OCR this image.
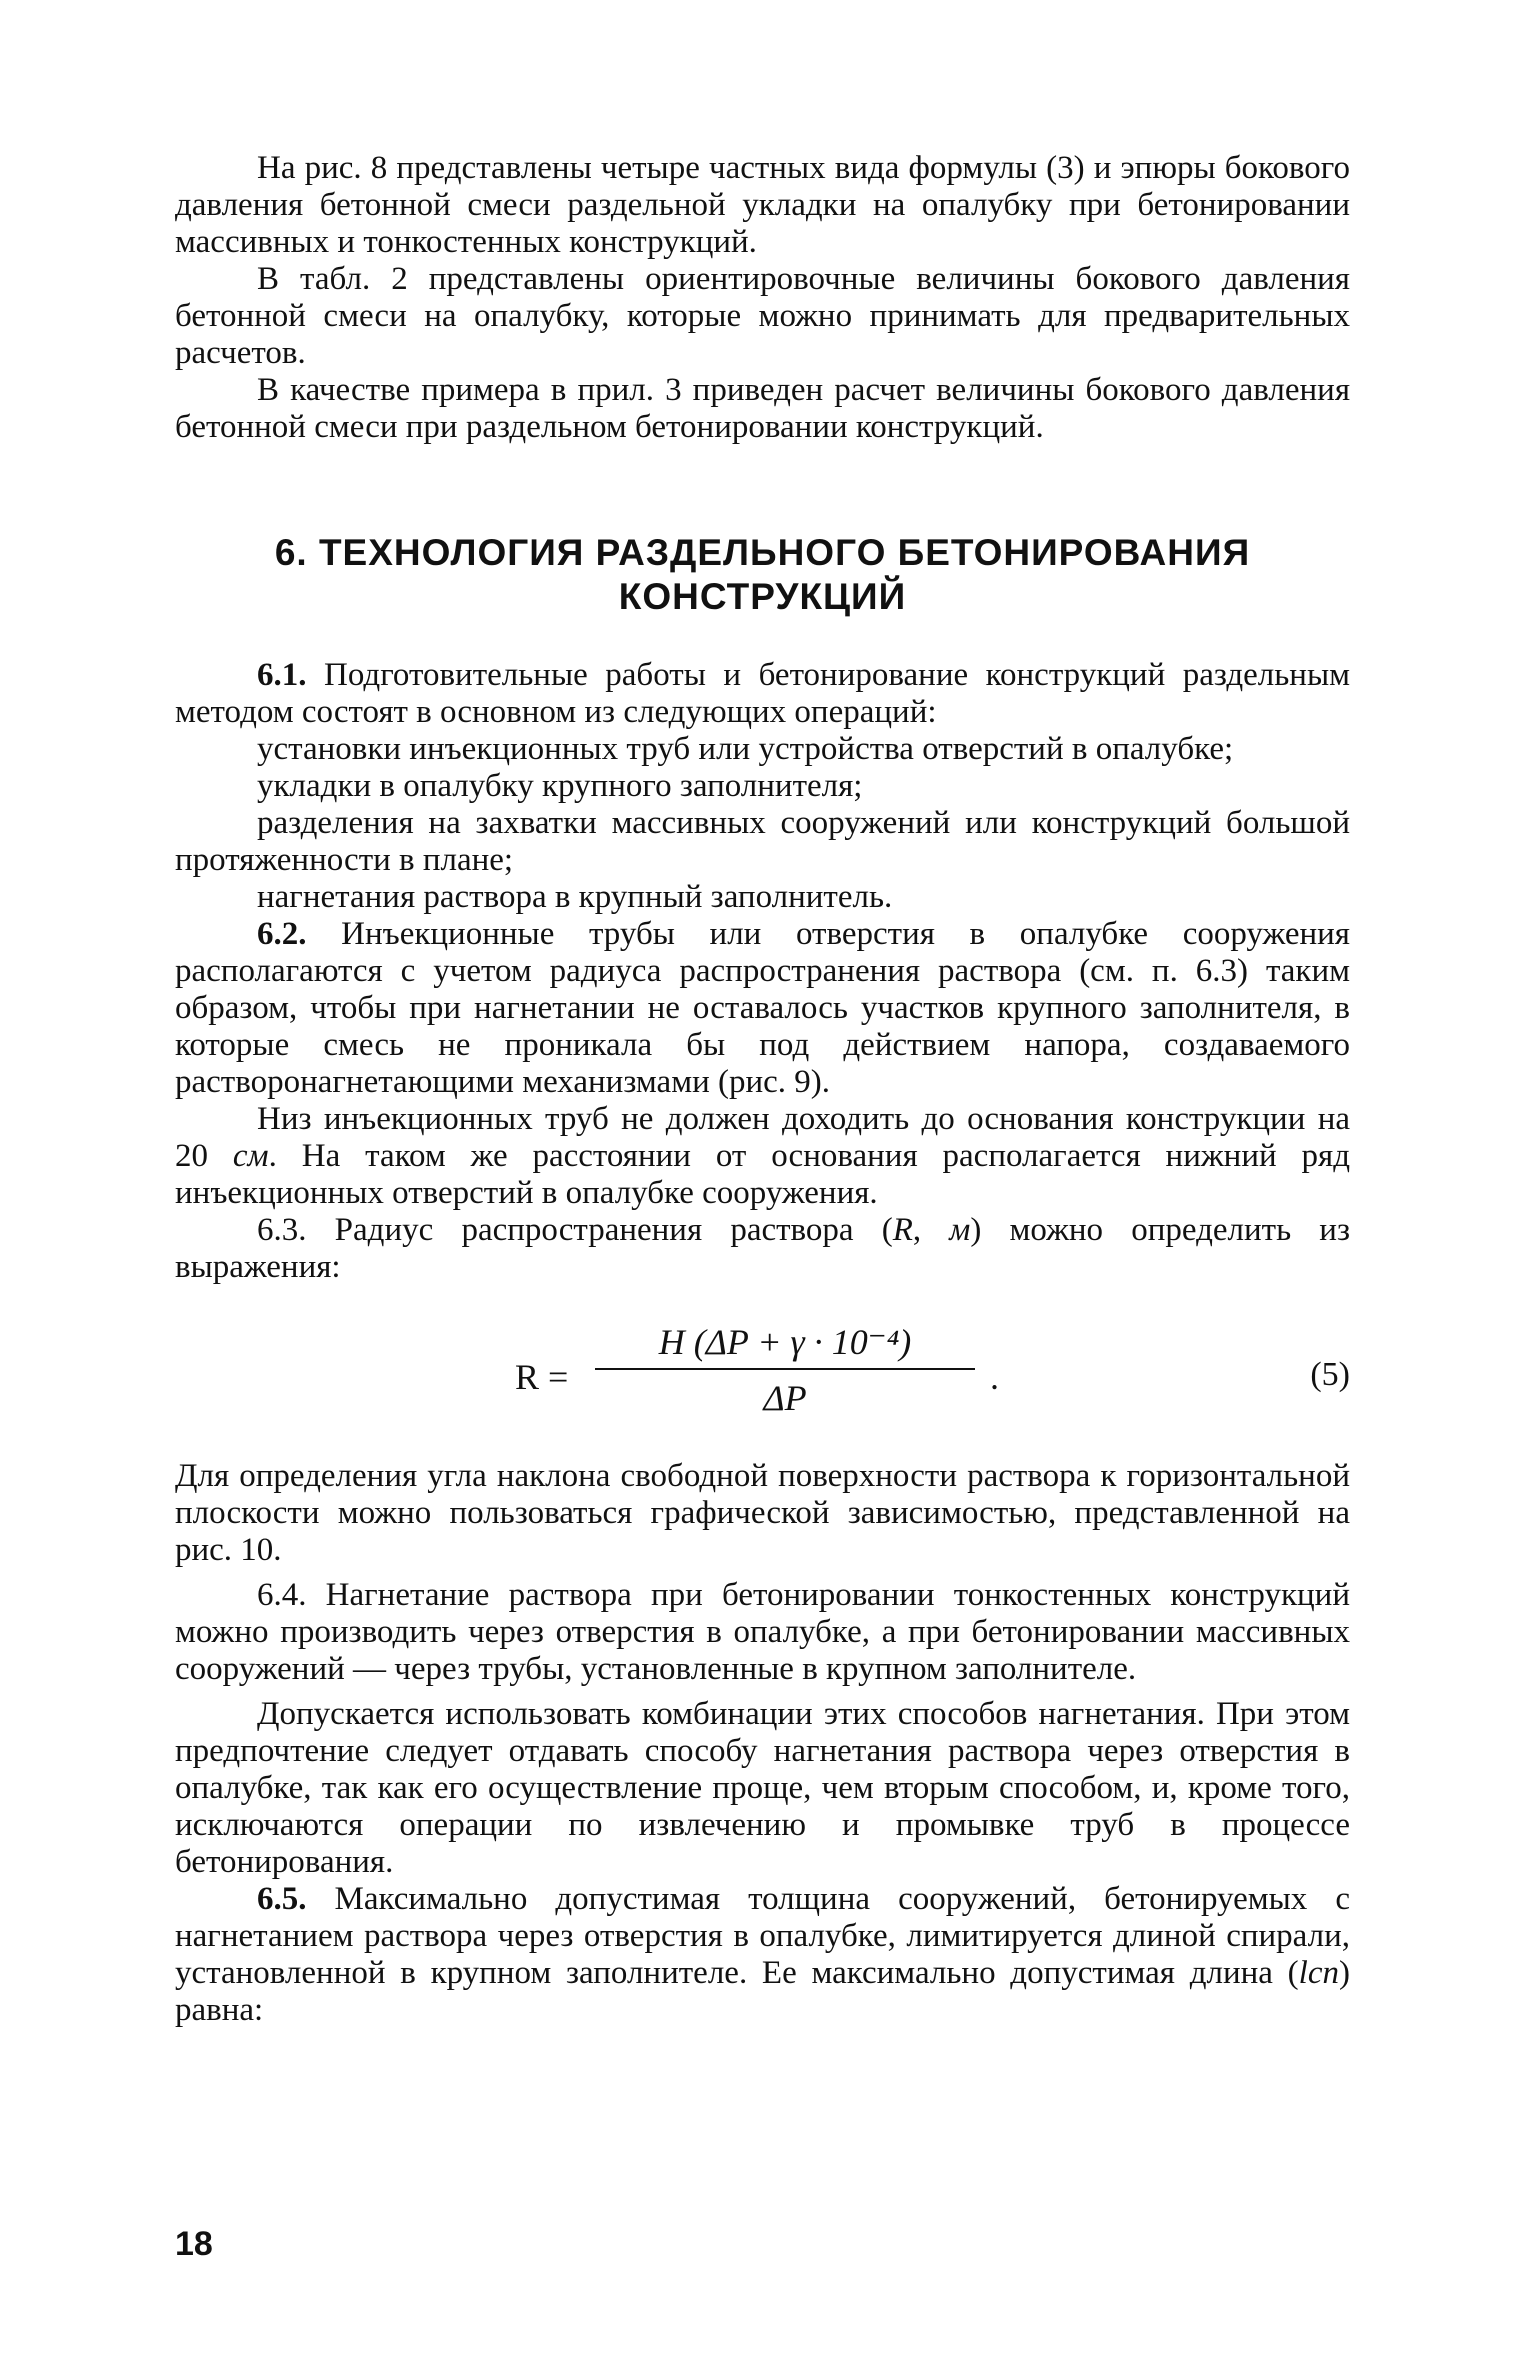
На рис. 8 представлены четыре частных вида формулы (3) и эпюры бокового давления бетонной смеси раздельной укладки на опалубку при бетонировании массивных и тонкостенных конструкций.

В табл. 2 представлены ориентировочные величины бокового давления бетонной смеси на опалубку, которые можно принимать для предварительных расчетов.

В качестве примера в прил. 3 приведен расчет величины бокового давления бетонной смеси при раздельном бетонировании конструкций.

6. ТЕХНОЛОГИЯ РАЗДЕЛЬНОГО БЕТОНИРОВАНИЯ
КОНСТРУКЦИЙ

6.1. Подготовительные работы и бетонирование конструкций раздельным методом состоят в основном из следующих операций:

установки инъекционных труб или устройства отверстий в опалубке;

укладки в опалубку крупного заполнителя;

разделения на захватки массивных сооружений или конструкций большой протяженности в плане;

нагнетания раствора в крупный заполнитель.

6.2. Инъекционные трубы или отверстия в опалубке сооружения располагаются с учетом радиуса распространения раствора (см. п. 6.3) таким образом, чтобы при нагнетании не оставалось участков крупного заполнителя, в которые смесь не проникала бы под действием напора, создаваемого растворонагнетающими механизмами (рис. 9).

Низ инъекционных труб не должен доходить до основания конструкции на 20 см. На таком же расстоянии от основания располагается нижний ряд инъекционных отверстий в опалубке сооружения.

6.3. Радиус распространения раствора (R, м) можно определить из выражения:

R =
H (ΔP + γ · 10⁻⁴)
ΔP
.	(5)

Для определения угла наклона свободной поверхности раствора к горизонтальной плоскости можно пользоваться графической зависимостью, представленной на рис. 10.

6.4. Нагнетание раствора при бетонировании тонкостенных конструкций можно производить через отверстия в опалубке, а при бетонировании массивных сооружений — через трубы, установленные в крупном заполнителе.

Допускается использовать комбинации этих способов нагнетания. При этом предпочтение следует отдавать способу нагнетания раствора через отверстия в опалубке, так как его осуществление проще, чем вторым способом, и, кроме того, исключаются операции по извлечению и промывке труб в процессе бетонирования.

6.5. Максимально допустимая толщина сооружений, бетонируемых с нагнетанием раствора через отверстия в опалубке, лимитируется длиной спирали, установленной в крупном заполнителе. Ее максимально допустимая длина (lсп) равна:

18
